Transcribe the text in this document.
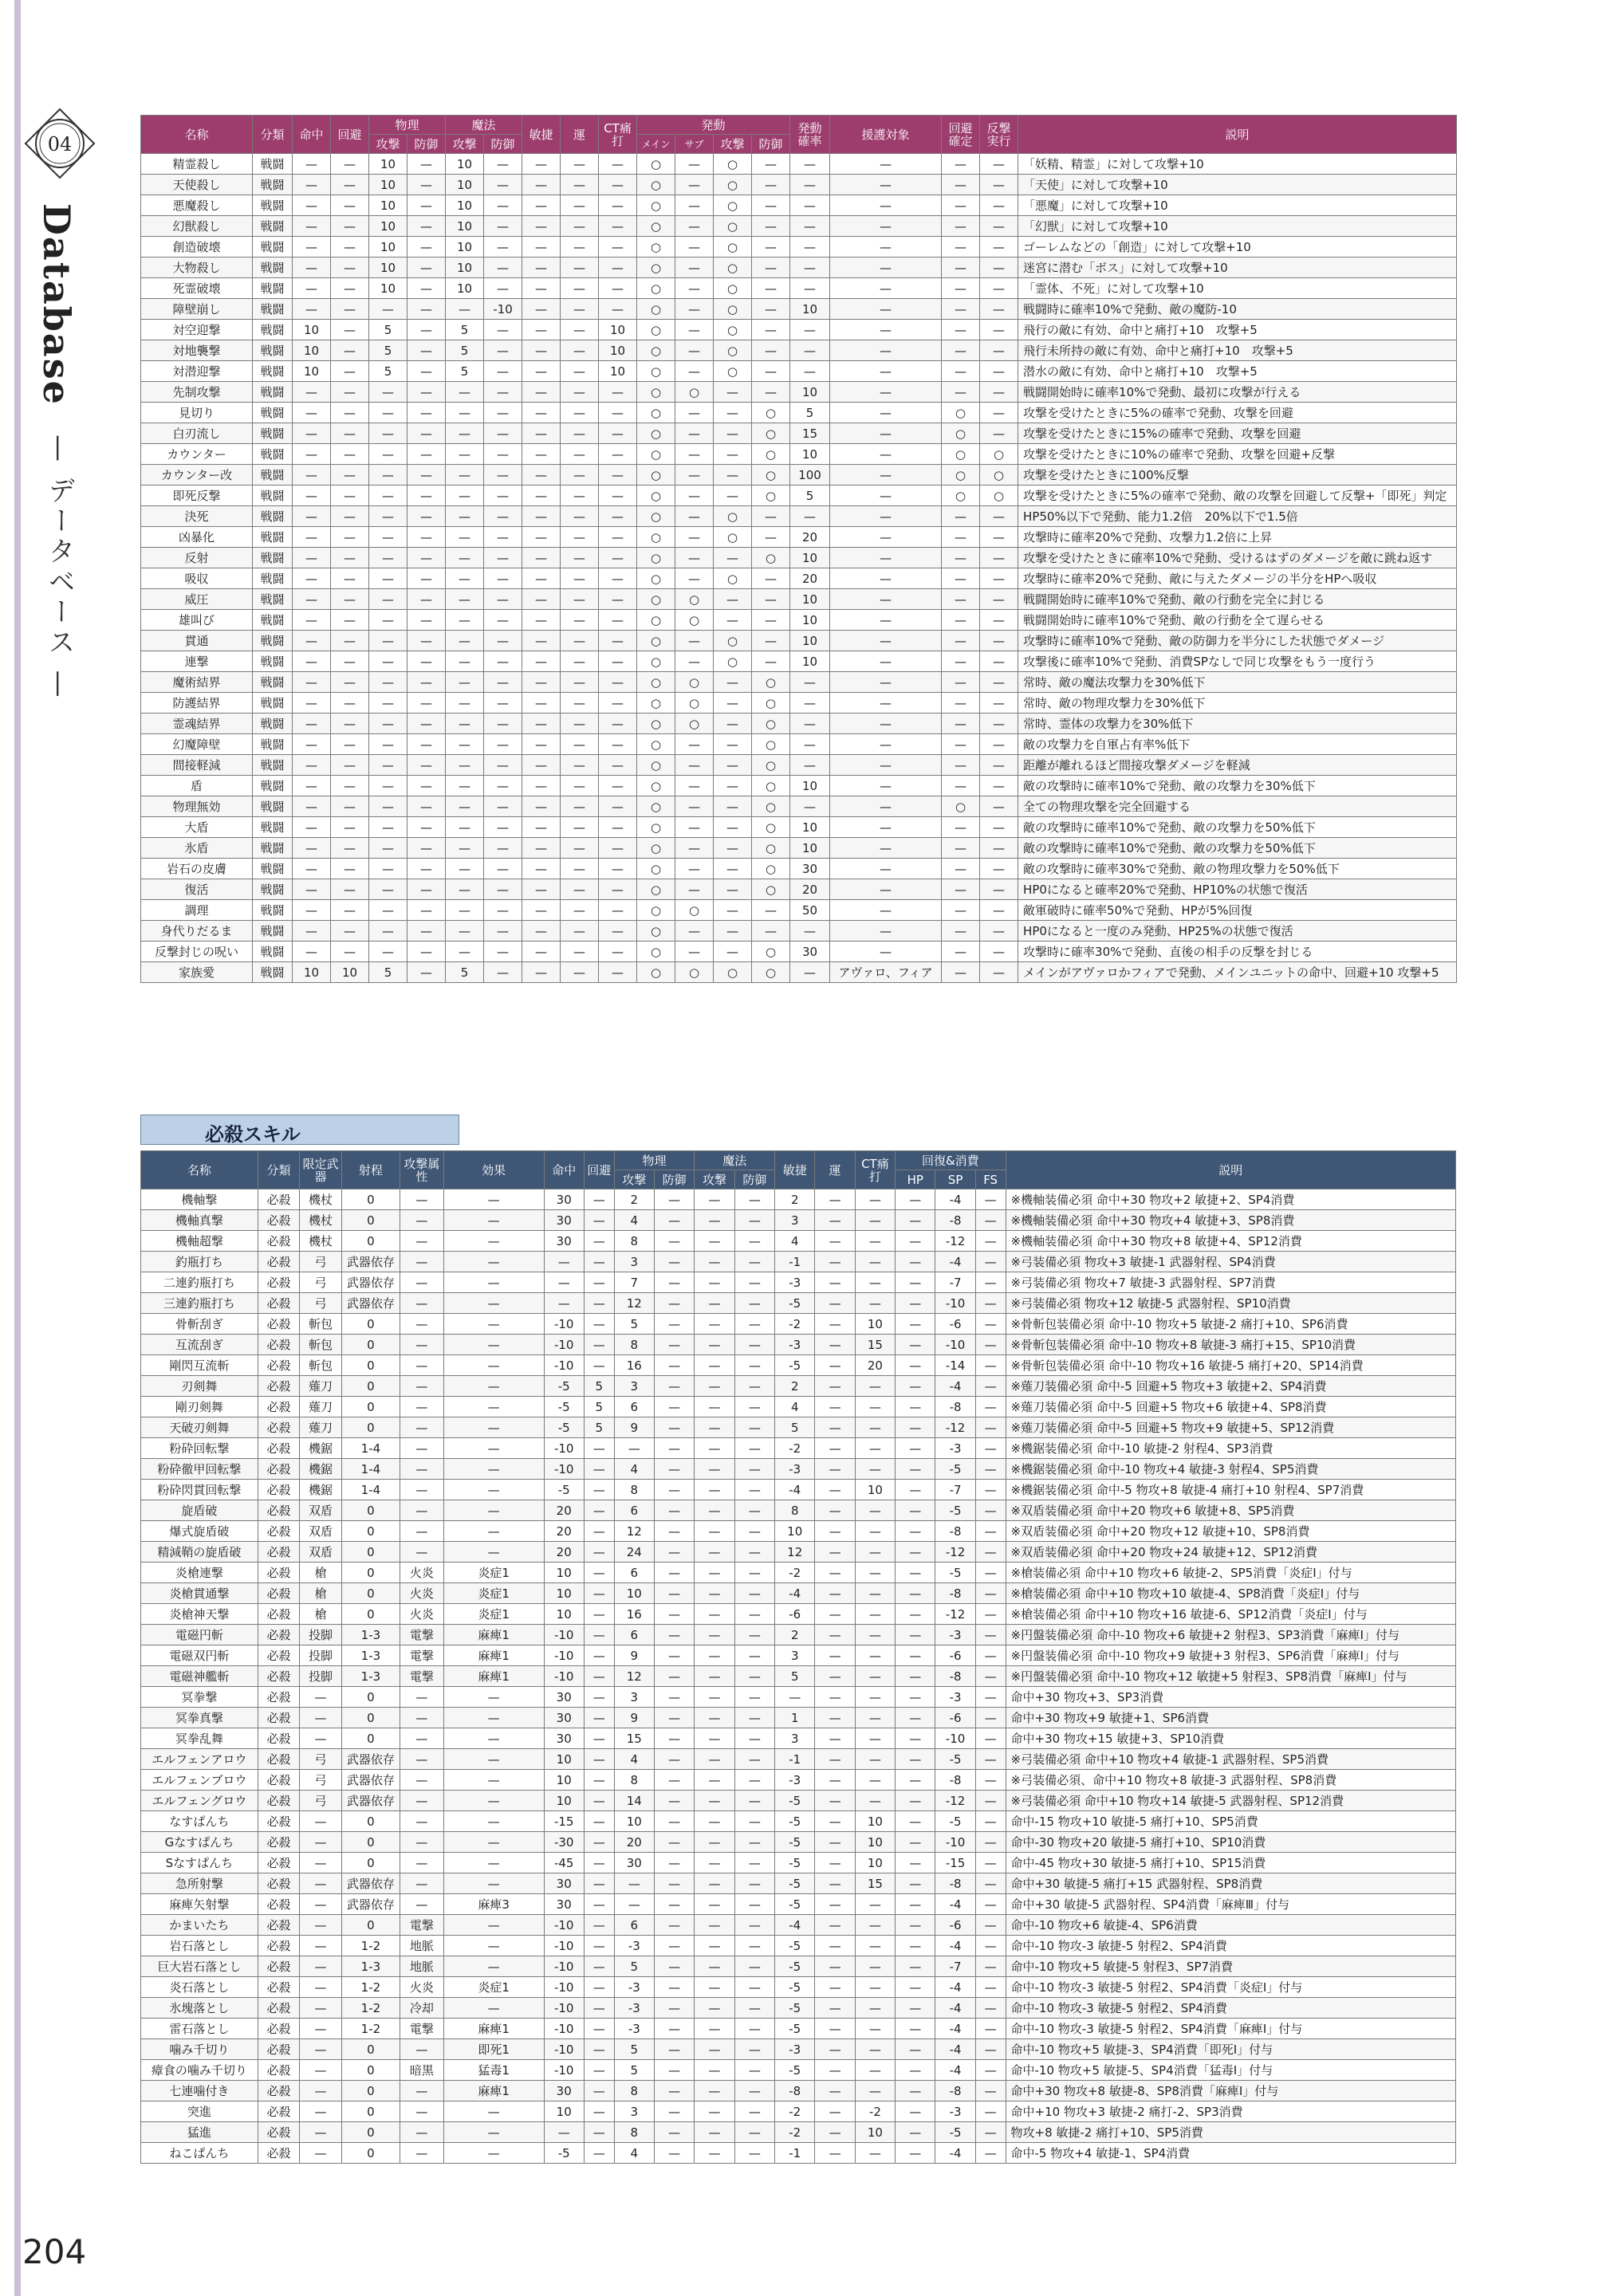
04
Database
— データベース —
名称	分類	命中	回避	物理		魔法		敏捷	運	CT痛打	発動				発動確率	援護対象	回避確定	反撃実行	説明
				攻撃	防御	攻撃	防御				メイン	サブ	攻撃	防御					
精霊殺し	戦闘	—	—	10	—	10	—	—	—	—	○	—	○	—	—	—	—	—	「妖精、精霊」に対して攻撃+10
天使殺し	戦闘	—	—	10	—	10	—	—	—	—	○	—	○	—	—	—	—	—	「天使」に対して攻撃+10
悪魔殺し	戦闘	—	—	10	—	10	—	—	—	—	○	—	○	—	—	—	—	—	「悪魔」に対して攻撃+10
幻獣殺し	戦闘	—	—	10	—	10	—	—	—	—	○	—	○	—	—	—	—	—	「幻獣」に対して攻撃+10
創造破壊	戦闘	—	—	10	—	10	—	—	—	—	○	—	○	—	—	—	—	—	ゴーレムなどの「創造」に対して攻撃+10
大物殺し	戦闘	—	—	10	—	10	—	—	—	—	○	—	○	—	—	—	—	—	迷宮に潜む「ボス」に対して攻撃+10
死霊破壊	戦闘	—	—	10	—	10	—	—	—	—	○	—	○	—	—	—	—	—	「霊体、不死」に対して攻撃+10
障壁崩し	戦闘	—	—	—	—	—	-10	—	—	—	○	—	○	—	10	—	—	—	戦闘時に確率10%で発動、敵の魔防-10
対空迎撃	戦闘	10	—	5	—	5	—	—	—	10	○	—	○	—	—	—	—	—	飛行の敵に有効、命中と痛打+10　攻撃+5
対地襲撃	戦闘	10	—	5	—	5	—	—	—	10	○	—	○	—	—	—	—	—	飛行未所持の敵に有効、命中と痛打+10　攻撃+5
対潜迎撃	戦闘	10	—	5	—	5	—	—	—	10	○	—	○	—	—	—	—	—	潜水の敵に有効、命中と痛打+10　攻撃+5
先制攻撃	戦闘	—	—	—	—	—	—	—	—	—	○	○	—	—	10	—	—	—	戦闘開始時に確率10%で発動、最初に攻撃が行える
見切り	戦闘	—	—	—	—	—	—	—	—	—	○	—	—	○	5	—	○	—	攻撃を受けたときに5%の確率で発動、攻撃を回避
白刃流し	戦闘	—	—	—	—	—	—	—	—	—	○	—	—	○	15	—	○	—	攻撃を受けたときに15%の確率で発動、攻撃を回避
カウンター	戦闘	—	—	—	—	—	—	—	—	—	○	—	—	○	10	—	○	○	攻撃を受けたときに10%の確率で発動、攻撃を回避+反撃
カウンター改	戦闘	—	—	—	—	—	—	—	—	—	○	—	—	○	100	—	○	○	攻撃を受けたときに100%反撃
即死反撃	戦闘	—	—	—	—	—	—	—	—	—	○	—	—	○	5	—	○	○	攻撃を受けたときに5%の確率で発動、敵の攻撃を回避して反撃+「即死」判定
決死	戦闘	—	—	—	—	—	—	—	—	—	○	—	○	—	—	—	—	—	HP50%以下で発動、能力1.2倍　20%以下で1.5倍
凶暴化	戦闘	—	—	—	—	—	—	—	—	—	○	—	○	—	20	—	—	—	攻撃時に確率20%で発動、攻撃力1.2倍に上昇
反射	戦闘	—	—	—	—	—	—	—	—	—	○	—	—	○	10	—	—	—	攻撃を受けたときに確率10%で発動、受けるはずのダメージを敵に跳ね返す
吸収	戦闘	—	—	—	—	—	—	—	—	—	○	—	○	—	20	—	—	—	攻撃時に確率20%で発動、敵に与えたダメージの半分をHPへ吸収
威圧	戦闘	—	—	—	—	—	—	—	—	—	○	○	—	—	10	—	—	—	戦闘開始時に確率10%で発動、敵の行動を完全に封じる
雄叫び	戦闘	—	—	—	—	—	—	—	—	—	○	○	—	—	10	—	—	—	戦闘開始時に確率10%で発動、敵の行動を全て遅らせる
貫通	戦闘	—	—	—	—	—	—	—	—	—	○	—	○	—	10	—	—	—	攻撃時に確率10%で発動、敵の防御力を半分にした状態でダメージ
連撃	戦闘	—	—	—	—	—	—	—	—	—	○	—	○	—	10	—	—	—	攻撃後に確率10%で発動、消費SPなしで同じ攻撃をもう一度行う
魔術結界	戦闘	—	—	—	—	—	—	—	—	—	○	○	—	○	—	—	—	—	常時、敵の魔法攻撃力を30%低下
防護結界	戦闘	—	—	—	—	—	—	—	—	—	○	○	—	○	—	—	—	—	常時、敵の物理攻撃力を30%低下
霊魂結界	戦闘	—	—	—	—	—	—	—	—	—	○	○	—	○	—	—	—	—	常時、霊体の攻撃力を30%低下
幻魔障壁	戦闘	—	—	—	—	—	—	—	—	—	○	—	—	○	—	—	—	—	敵の攻撃力を自軍占有率%低下
間接軽減	戦闘	—	—	—	—	—	—	—	—	—	○	—	—	○	—	—	—	—	距離が離れるほど間接攻撃ダメージを軽減
盾	戦闘	—	—	—	—	—	—	—	—	—	○	—	—	○	10	—	—	—	敵の攻撃時に確率10%で発動、敵の攻撃力を30%低下
物理無効	戦闘	—	—	—	—	—	—	—	—	—	○	—	—	○	—	—	○	—	全ての物理攻撃を完全回避する
大盾	戦闘	—	—	—	—	—	—	—	—	—	○	—	—	○	10	—	—	—	敵の攻撃時に確率10%で発動、敵の攻撃力を50%低下
氷盾	戦闘	—	—	—	—	—	—	—	—	—	○	—	—	○	10	—	—	—	敵の攻撃時に確率10%で発動、敵の攻撃力を50%低下
岩石の皮膚	戦闘	—	—	—	—	—	—	—	—	—	○	—	—	○	30	—	—	—	敵の攻撃時に確率30%で発動、敵の物理攻撃力を50%低下
復活	戦闘	—	—	—	—	—	—	—	—	—	○	—	—	○	20	—	—	—	HP0になると確率20%で発動、HP10%の状態で復活
調理	戦闘	—	—	—	—	—	—	—	—	—	○	○	—	—	50	—	—	—	敵軍破時に確率50%で発動、HPが5%回復
身代りだるま	戦闘	—	—	—	—	—	—	—	—	—	○	—	—	—	—	—	—	—	HP0になると一度のみ発動、HP25%の状態で復活
反撃封じの呪い	戦闘	—	—	—	—	—	—	—	—	—	○	—	—	○	30	—	—	—	攻撃時に確率30%で発動、直後の相手の反撃を封じる
家族愛	戦闘	10	10	5	—	5	—	—	—	—	○	○	○	○	—	アヴァロ、フィア	—	—	メインがアヴァロかフィアで発動、メインユニットの命中、回避+10 攻撃+5
必殺スキル
名称	分類	限定武器	射程	攻撃属性	効果	命中	回避	物理		魔法		敏捷	運	CT痛打	回復&消費			説明
								攻撃	防御	攻撃	防御				HP	SP	FS	
機軸撃	必殺	機杖	0	—	—	30	—	2	—	—	—	2	—	—	—	-4	—	※機軸装備必須 命中+30 物攻+2 敏捷+2、SP4消費
機軸真撃	必殺	機杖	0	—	—	30	—	4	—	—	—	3	—	—	—	-8	—	※機軸装備必須 命中+30 物攻+4 敏捷+3、SP8消費
機軸超撃	必殺	機杖	0	—	—	30	—	8	—	—	—	4	—	—	—	-12	—	※機軸装備必須 命中+30 物攻+8 敏捷+4、SP12消費
釣瓶打ち	必殺	弓	武器依存	—	—	—	—	3	—	—	—	-1	—	—	—	-4	—	※弓装備必須 物攻+3 敏捷-1 武器射程、SP4消費
二連釣瓶打ち	必殺	弓	武器依存	—	—	—	—	7	—	—	—	-3	—	—	—	-7	—	※弓装備必須 物攻+7 敏捷-3 武器射程、SP7消費
三連釣瓶打ち	必殺	弓	武器依存	—	—	—	—	12	—	—	—	-5	—	—	—	-10	—	※弓装備必須 物攻+12 敏捷-5 武器射程、SP10消費
骨斬刮ぎ	必殺	斬包	0	—	—	-10	—	5	—	—	—	-2	—	10	—	-6	—	※骨斬包装備必須 命中-10 物攻+5 敏捷-2 痛打+10、SP6消費
互流刮ぎ	必殺	斬包	0	—	—	-10	—	8	—	—	—	-3	—	15	—	-10	—	※骨斬包装備必須 命中-10 物攻+8 敏捷-3 痛打+15、SP10消費
剛閃互流斬	必殺	斬包	0	—	—	-10	—	16	—	—	—	-5	—	20	—	-14	—	※骨斬包装備必須 命中-10 物攻+16 敏捷-5 痛打+20、SP14消費
刃剣舞	必殺	薙刀	0	—	—	-5	5	3	—	—	—	2	—	—	—	-4	—	※薙刀装備必須 命中-5 回避+5 物攻+3 敏捷+2、SP4消費
剛刃剣舞	必殺	薙刀	0	—	—	-5	5	6	—	—	—	4	—	—	—	-8	—	※薙刀装備必須 命中-5 回避+5 物攻+6 敏捷+4、SP8消費
天破刃剣舞	必殺	薙刀	0	—	—	-5	5	9	—	—	—	5	—	—	—	-12	—	※薙刀装備必須 命中-5 回避+5 物攻+9 敏捷+5、SP12消費
粉砕回転撃	必殺	機鋸	1-4	—	—	-10	—	—	—	—	—	-2	—	—	—	-3	—	※機鋸装備必須 命中-10 敏捷-2 射程4、SP3消費
粉砕徹甲回転撃	必殺	機鋸	1-4	—	—	-10	—	4	—	—	—	-3	—	—	—	-5	—	※機鋸装備必須 命中-10 物攻+4 敏捷-3 射程4、SP5消費
粉砕閃貫回転撃	必殺	機鋸	1-4	—	—	-5	—	8	—	—	—	-4	—	10	—	-7	—	※機鋸装備必須 命中-5 物攻+8 敏捷-4 痛打+10 射程4、SP7消費
旋盾破	必殺	双盾	0	—	—	20	—	6	—	—	—	8	—	—	—	-5	—	※双盾装備必須 命中+20 物攻+6 敏捷+8、SP5消費
爆式旋盾破	必殺	双盾	0	—	—	20	—	12	—	—	—	10	—	—	—	-8	—	※双盾装備必須 命中+20 物攻+12 敏捷+10、SP8消費
精減鞘の旋盾破	必殺	双盾	0	—	—	20	—	24	—	—	—	12	—	—	—	-12	—	※双盾装備必須 命中+20 物攻+24 敏捷+12、SP12消費
炎槍連撃	必殺	槍	0	火炎	炎症1	10	—	6	—	—	—	-2	—	—	—	-5	—	※槍装備必須 命中+10 物攻+6 敏捷-2、SP5消費「炎症Ⅰ」付与
炎槍貫通撃	必殺	槍	0	火炎	炎症1	10	—	10	—	—	—	-4	—	—	—	-8	—	※槍装備必須 命中+10 物攻+10 敏捷-4、SP8消費「炎症Ⅰ」付与
炎槍神天撃	必殺	槍	0	火炎	炎症1	10	—	16	—	—	—	-6	—	—	—	-12	—	※槍装備必須 命中+10 物攻+16 敏捷-6、SP12消費「炎症Ⅰ」付与
電磁円斬	必殺	投脚	1-3	電撃	麻痺1	-10	—	6	—	—	—	2	—	—	—	-3	—	※円盤装備必須 命中-10 物攻+6 敏捷+2 射程3、SP3消費「麻痺Ⅰ」付与
電磁双円斬	必殺	投脚	1-3	電撃	麻痺1	-10	—	9	—	—	—	3	—	—	—	-6	—	※円盤装備必須 命中-10 物攻+9 敏捷+3 射程3、SP6消費「麻痺Ⅰ」付与
電磁神艦斬	必殺	投脚	1-3	電撃	麻痺1	-10	—	12	—	—	—	5	—	—	—	-8	—	※円盤装備必須 命中-10 物攻+12 敏捷+5 射程3、SP8消費「麻痺Ⅰ」付与
冥拳撃	必殺	—	0	—	—	30	—	3	—	—	—	—	—	—	—	-3	—	命中+30 物攻+3、SP3消費
冥拳真撃	必殺	—	0	—	—	30	—	9	—	—	—	1	—	—	—	-6	—	命中+30 物攻+9 敏捷+1、SP6消費
冥拳乱舞	必殺	—	0	—	—	30	—	15	—	—	—	3	—	—	—	-10	—	命中+30 物攻+15 敏捷+3、SP10消費
エルフェンアロウ	必殺	弓	武器依存	—	—	10	—	4	—	—	—	-1	—	—	—	-5	—	※弓装備必須 命中+10 物攻+4 敏捷-1 武器射程、SP5消費
エルフェンブロウ	必殺	弓	武器依存	—	—	10	—	8	—	—	—	-3	—	—	—	-8	—	※弓装備必須、命中+10 物攻+8 敏捷-3 武器射程、SP8消費
エルフェングロウ	必殺	弓	武器依存	—	—	10	—	14	—	—	—	-5	—	—	—	-12	—	※弓装備必須 命中+10 物攻+14 敏捷-5 武器射程、SP12消費
なすぱんち	必殺	—	0	—	—	-15	—	10	—	—	—	-5	—	10	—	-5	—	命中-15 物攻+10 敏捷-5 痛打+10、SP5消費
Gなすぱんち	必殺	—	0	—	—	-30	—	20	—	—	—	-5	—	10	—	-10	—	命中-30 物攻+20 敏捷-5 痛打+10、SP10消費
Sなすぱんち	必殺	—	0	—	—	-45	—	30	—	—	—	-5	—	10	—	-15	—	命中-45 物攻+30 敏捷-5 痛打+10、SP15消費
急所射撃	必殺	—	武器依存	—	—	30	—	—	—	—	—	-5	—	15	—	-8	—	命中+30 敏捷-5 痛打+15 武器射程、SP8消費
麻痺矢射撃	必殺	—	武器依存	—	麻痺3	30	—	—	—	—	—	-5	—	—	—	-4	—	命中+30 敏捷-5 武器射程、SP4消費「麻痺Ⅲ」付与
かまいたち	必殺	—	0	電撃	—	-10	—	6	—	—	—	-4	—	—	—	-6	—	命中-10 物攻+6 敏捷-4、SP6消費
岩石落とし	必殺	—	1-2	地脈	—	-10	—	-3	—	—	—	-5	—	—	—	-4	—	命中-10 物攻-3 敏捷-5 射程2、SP4消費
巨大岩石落とし	必殺	—	1-3	地脈	—	-10	—	5	—	—	—	-5	—	—	—	-7	—	命中-10 物攻+5 敏捷-5 射程3、SP7消費
炎石落とし	必殺	—	1-2	火炎	炎症1	-10	—	-3	—	—	—	-5	—	—	—	-4	—	命中-10 物攻-3 敏捷-5 射程2、SP4消費「炎症Ⅰ」付与
氷塊落とし	必殺	—	1-2	冷却	—	-10	—	-3	—	—	—	-5	—	—	—	-4	—	命中-10 物攻-3 敏捷-5 射程2、SP4消費
雷石落とし	必殺	—	1-2	電撃	麻痺1	-10	—	-3	—	—	—	-5	—	—	—	-4	—	命中-10 物攻-3 敏捷-5 射程2、SP4消費「麻痺Ⅰ」付与
噛み千切り	必殺	—	0	—	即死1	-10	—	5	—	—	—	-3	—	—	—	-4	—	命中-10 物攻+5 敏捷-3、SP4消費「即死Ⅰ」付与
瘴食の噛み千切り	必殺	—	0	暗黒	猛毒1	-10	—	5	—	—	—	-5	—	—	—	-4	—	命中-10 物攻+5 敏捷-5、SP4消費「猛毒Ⅰ」付与
七連噛付き	必殺	—	0	—	麻痺1	30	—	8	—	—	—	-8	—	—	—	-8	—	命中+30 物攻+8 敏捷-8、SP8消費「麻痺Ⅰ」付与
突進	必殺	—	0	—	—	10	—	3	—	—	—	-2	—	-2	—	-3	—	命中+10 物攻+3 敏捷-2 痛打-2、SP3消費
猛進	必殺	—	0	—	—	—	—	8	—	—	—	-2	—	10	—	-5	—	物攻+8 敏捷-2 痛打+10、SP5消費
ねこぱんち	必殺	—	0	—	—	-5	—	4	—	—	—	-1	—	—	—	-4	—	命中-5 物攻+4 敏捷-1、SP4消費
204
